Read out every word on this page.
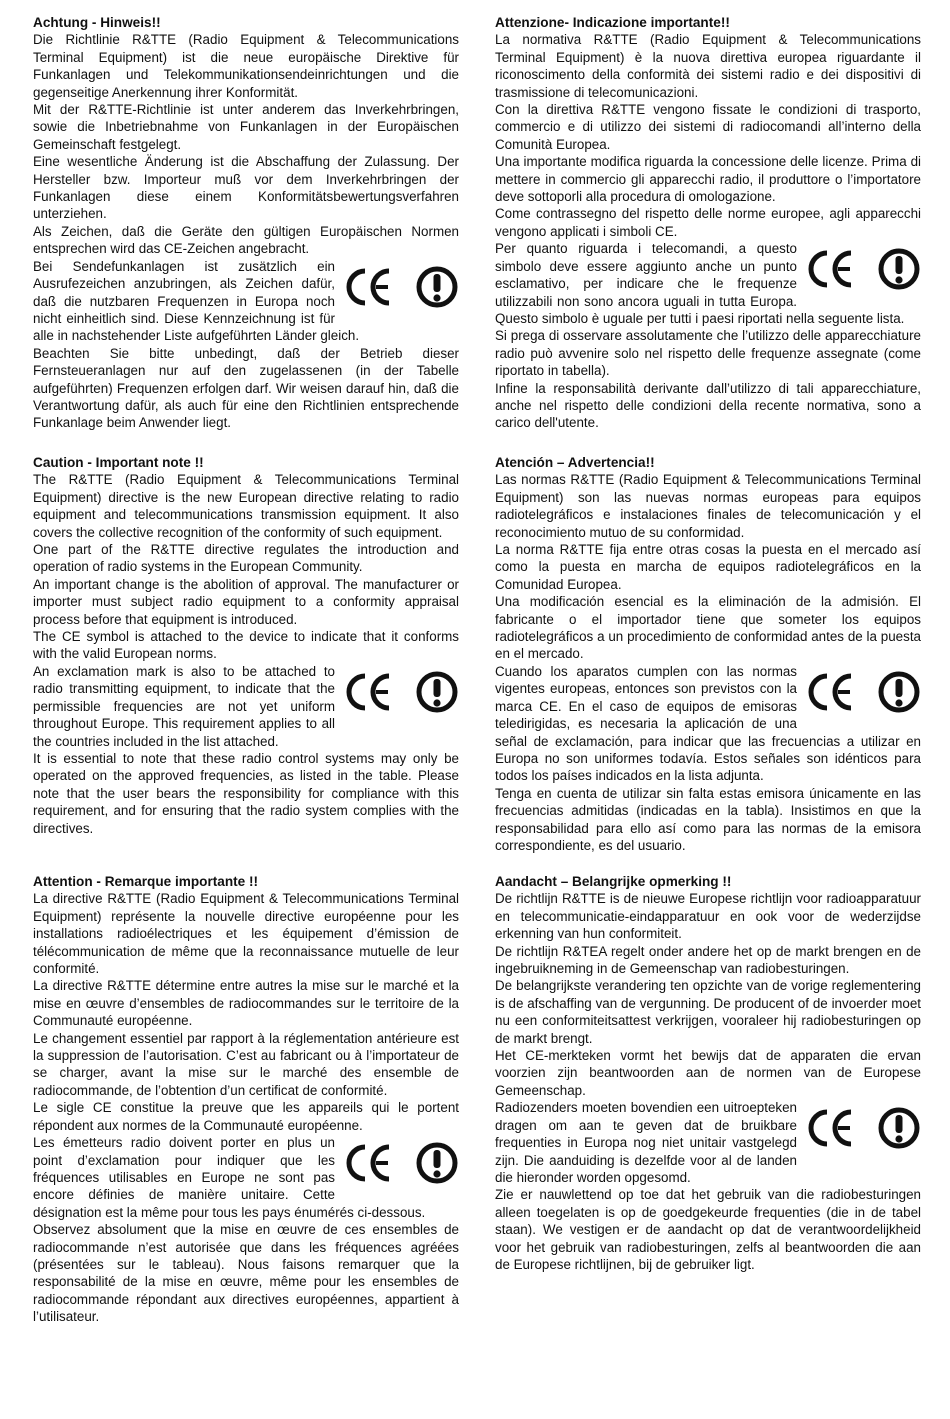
Achtung - Hinweis!!

Die Richtlinie R&TTE (Radio Equipment & Telecommunications Terminal Equipment) ist die neue europäische Direktive für Funkanlagen und Telekommunikationsendeinrichtungen und die gegenseitige Anerkennung ihrer Konformität.

Mit der R&TTE-Richtlinie ist unter anderem das Inverkehrbringen, sowie die Inbetriebnahme von Funkanlagen in der Europäischen Gemeinschaft festgelegt.

Eine wesentliche Änderung ist die Abschaffung der Zulassung. Der Hersteller bzw. Importeur muß vor dem Inverkehrbringen der Funkanlagen diese einem Konformitätsbewertungsverfahren unterziehen.

Als Zeichen, daß die Geräte den gültigen Europäischen Normen entsprechen wird das CE-Zeichen angebracht.

Bei Sendefunkanlagen ist zusätzlich ein Ausrufezeichen anzubringen, als Zeichen dafür, daß die nutzbaren Frequenzen in Europa noch nicht einheitlich sind. Diese Kennzeichnung ist für alle in nachstehender Liste aufgeführten Länder gleich.

Beachten Sie bitte unbedingt, daß der Betrieb dieser Fernsteueranlagen nur auf den zugelassenen (in der Tabelle aufgeführten) Frequenzen erfolgen darf. Wir weisen darauf hin, daß die Verantwortung dafür, als auch für eine den Richtlinien entsprechende Funkanlage beim Anwender liegt.

Caution - Important note !!

The R&TTE (Radio Equipment & Telecommunications Terminal Equipment) directive is the new European directive relating to radio equipment and telecommunications transmission equipment. It also covers the collective recognition of the conformity of such equipment.

One part of the R&TTE directive regulates the introduction and operation of radio systems in the European Community.

An important change is the abolition of approval. The manufacturer or importer must subject radio equipment to a conformity appraisal process before that equipment is introduced.

The CE symbol is attached to the device to indicate that it conforms with the valid European norms.

An exclamation mark is also to be attached to radio transmitting equipment, to indicate that the permissible frequencies are not yet uniform throughout Europe. This requirement applies to all the countries included in the list attached.

It is essential to note that these radio control systems may only be operated on the approved frequencies, as listed in the table. Please note that the user bears the responsibility for compliance with this requirement, and for ensuring that the radio system complies with the directives.

Attention - Remarque importante !!

La directive R&TTE (Radio Equipment & Telecommunications Terminal Equipment) représente la nouvelle directive européenne pour les installations radioélectriques et les équipement d’émission de télécommunication de même que la reconnaissance mutuelle de leur conformité.

La directive R&TTE détermine entre autres la mise sur le marché et la mise en œuvre d’ensembles de radiocommandes sur le territoire de la Communauté européenne.

Le changement essentiel par rapport à la réglementation antérieure est la suppression de l’autorisation. C’est au fabricant ou à l’importateur de se charger, avant la mise sur le marché des ensemble de radiocommande, de l’obtention d’un certificat de conformité.

Le sigle CE constitue la preuve que les appareils qui le portent répondent aux normes de la Communauté européenne.

Les émetteurs radio doivent porter en plus un point d’exclamation pour indiquer que les fréquences utilisables en Europe ne sont pas encore définies de manière unitaire. Cette désignation est la même pour tous les pays énumérés ci-dessous.

Observez absolument que la mise en œuvre de ces ensembles de radiocommande n’est autorisée que dans les fréquences agréées (présentées sur le tableau). Nous faisons remarquer que la responsabilité de la mise en œuvre, même pour les ensembles de radiocommande répondant aux directives européennes, appartient à l’utilisateur.

Attenzione- Indicazione importante!!

La normativa R&TTE (Radio Equipment & Telecommunications Terminal Equipment) è la nuova direttiva europea riguardante il riconoscimento della conformità dei sistemi radio e dei dispositivi di trasmissione di telecomunicazioni.

Con la direttiva R&TTE vengono fissate le condizioni di trasporto, commercio e di utilizzo dei sistemi di radiocomandi all’interno della Comunità Europea.

Una importante modifica riguarda la concessione delle licenze. Prima di mettere in commercio gli apparecchi radio, il produttore o l’importatore deve sottoporli alla procedura di omologazione.

Come contrassegno del rispetto delle norme europee, agli apparecchi vengono applicati i simboli CE.

Per quanto riguarda i telecomandi, a questo simbolo deve essere aggiunto anche un punto esclamativo, per indicare che le frequenze utilizzabili non sono ancora uguali in tutta Europa. Questo simbolo è uguale per tutti i paesi riportati nella seguente lista.

Si prega di osservare assolutamente che l’utilizzo delle apparecchiature radio può avvenire solo nel rispetto delle frequenze assegnate (come riportato in tabella).

Infine la responsabilità derivante dall’utilizzo di tali apparecchiature, anche nel rispetto delle condizioni della recente normativa, sono a carico dell'utente.

Atención – Advertencia!!

Las normas R&TTE (Radio Equipment & Telecommunications Terminal Equipment) son las nuevas normas europeas para equipos radiotelegráficos e instalaciones finales de telecomunicación y el reconocimiento mutuo de su conformidad.

La norma R&TTE fija entre otras cosas la puesta en el mercado así como la puesta en marcha de equipos radiotelegráficos en la Comunidad Europea.

Una modificación esencial es la eliminación de la admisión. El fabricante o el importador tiene que someter los equipos radiotelegráficos a un procedimiento de conformidad antes de la puesta en el mercado.

Cuando los aparatos cumplen con las normas vigentes europeas, entonces son previstos con la marca CE. En el caso de equipos de emisoras teledirigidas, es necesaria la aplicación de una señal de exclamación, para indicar que las frecuencias a utilizar en Europa no son uniformes todavía. Estos señales son idénticos para todos los países indicados en la lista adjunta.

Tenga en cuenta de utilizar sin falta estas emisora únicamente en las frecuencias admitidas (indicadas en la tabla). Insistimos en que la responsabilidad para ello así como para las normas de la emisora correspondiente, es del usuario.

Aandacht – Belangrijke opmerking !!

De richtlijn R&TTE is de nieuwe Europese richtlijn voor radioapparatuur en telecommunicatie-eindapparatuur en ook voor de wederzijdse erkenning van hun conformiteit.

De richtlijn R&TEA regelt onder andere het op de markt brengen en de ingebruikneming in de Gemeenschap van radiobesturingen.

De belangrijkste verandering ten opzichte van de vorige reglementering is de afschaffing van de vergunning. De producent of de invoerder moet nu een conformiteitsattest verkrijgen, vooraleer hij radiobesturingen op de markt brengt.

Het CE-merkteken vormt het bewijs dat de apparaten die ervan voorzien zijn beantwoorden aan de normen van de Europese Gemeenschap.

Radiozenders moeten bovendien een uitroepteken dragen om aan te geven dat de bruikbare frequenties in Europa nog niet unitair vastgelegd zijn. Die aanduiding is dezelfde voor al de landen die hieronder worden opgesomd.

Zie er nauwlettend op toe dat het gebruik van die radiobesturingen alleen toegelaten is op de goedgekeurde frequenties (die in de tabel staan). We vestigen er de aandacht op dat de verantwoordelijkheid voor het gebruik van radiobesturingen, zelfs al beantwoorden die aan de Europese richtlijnen, bij de gebruiker ligt.
